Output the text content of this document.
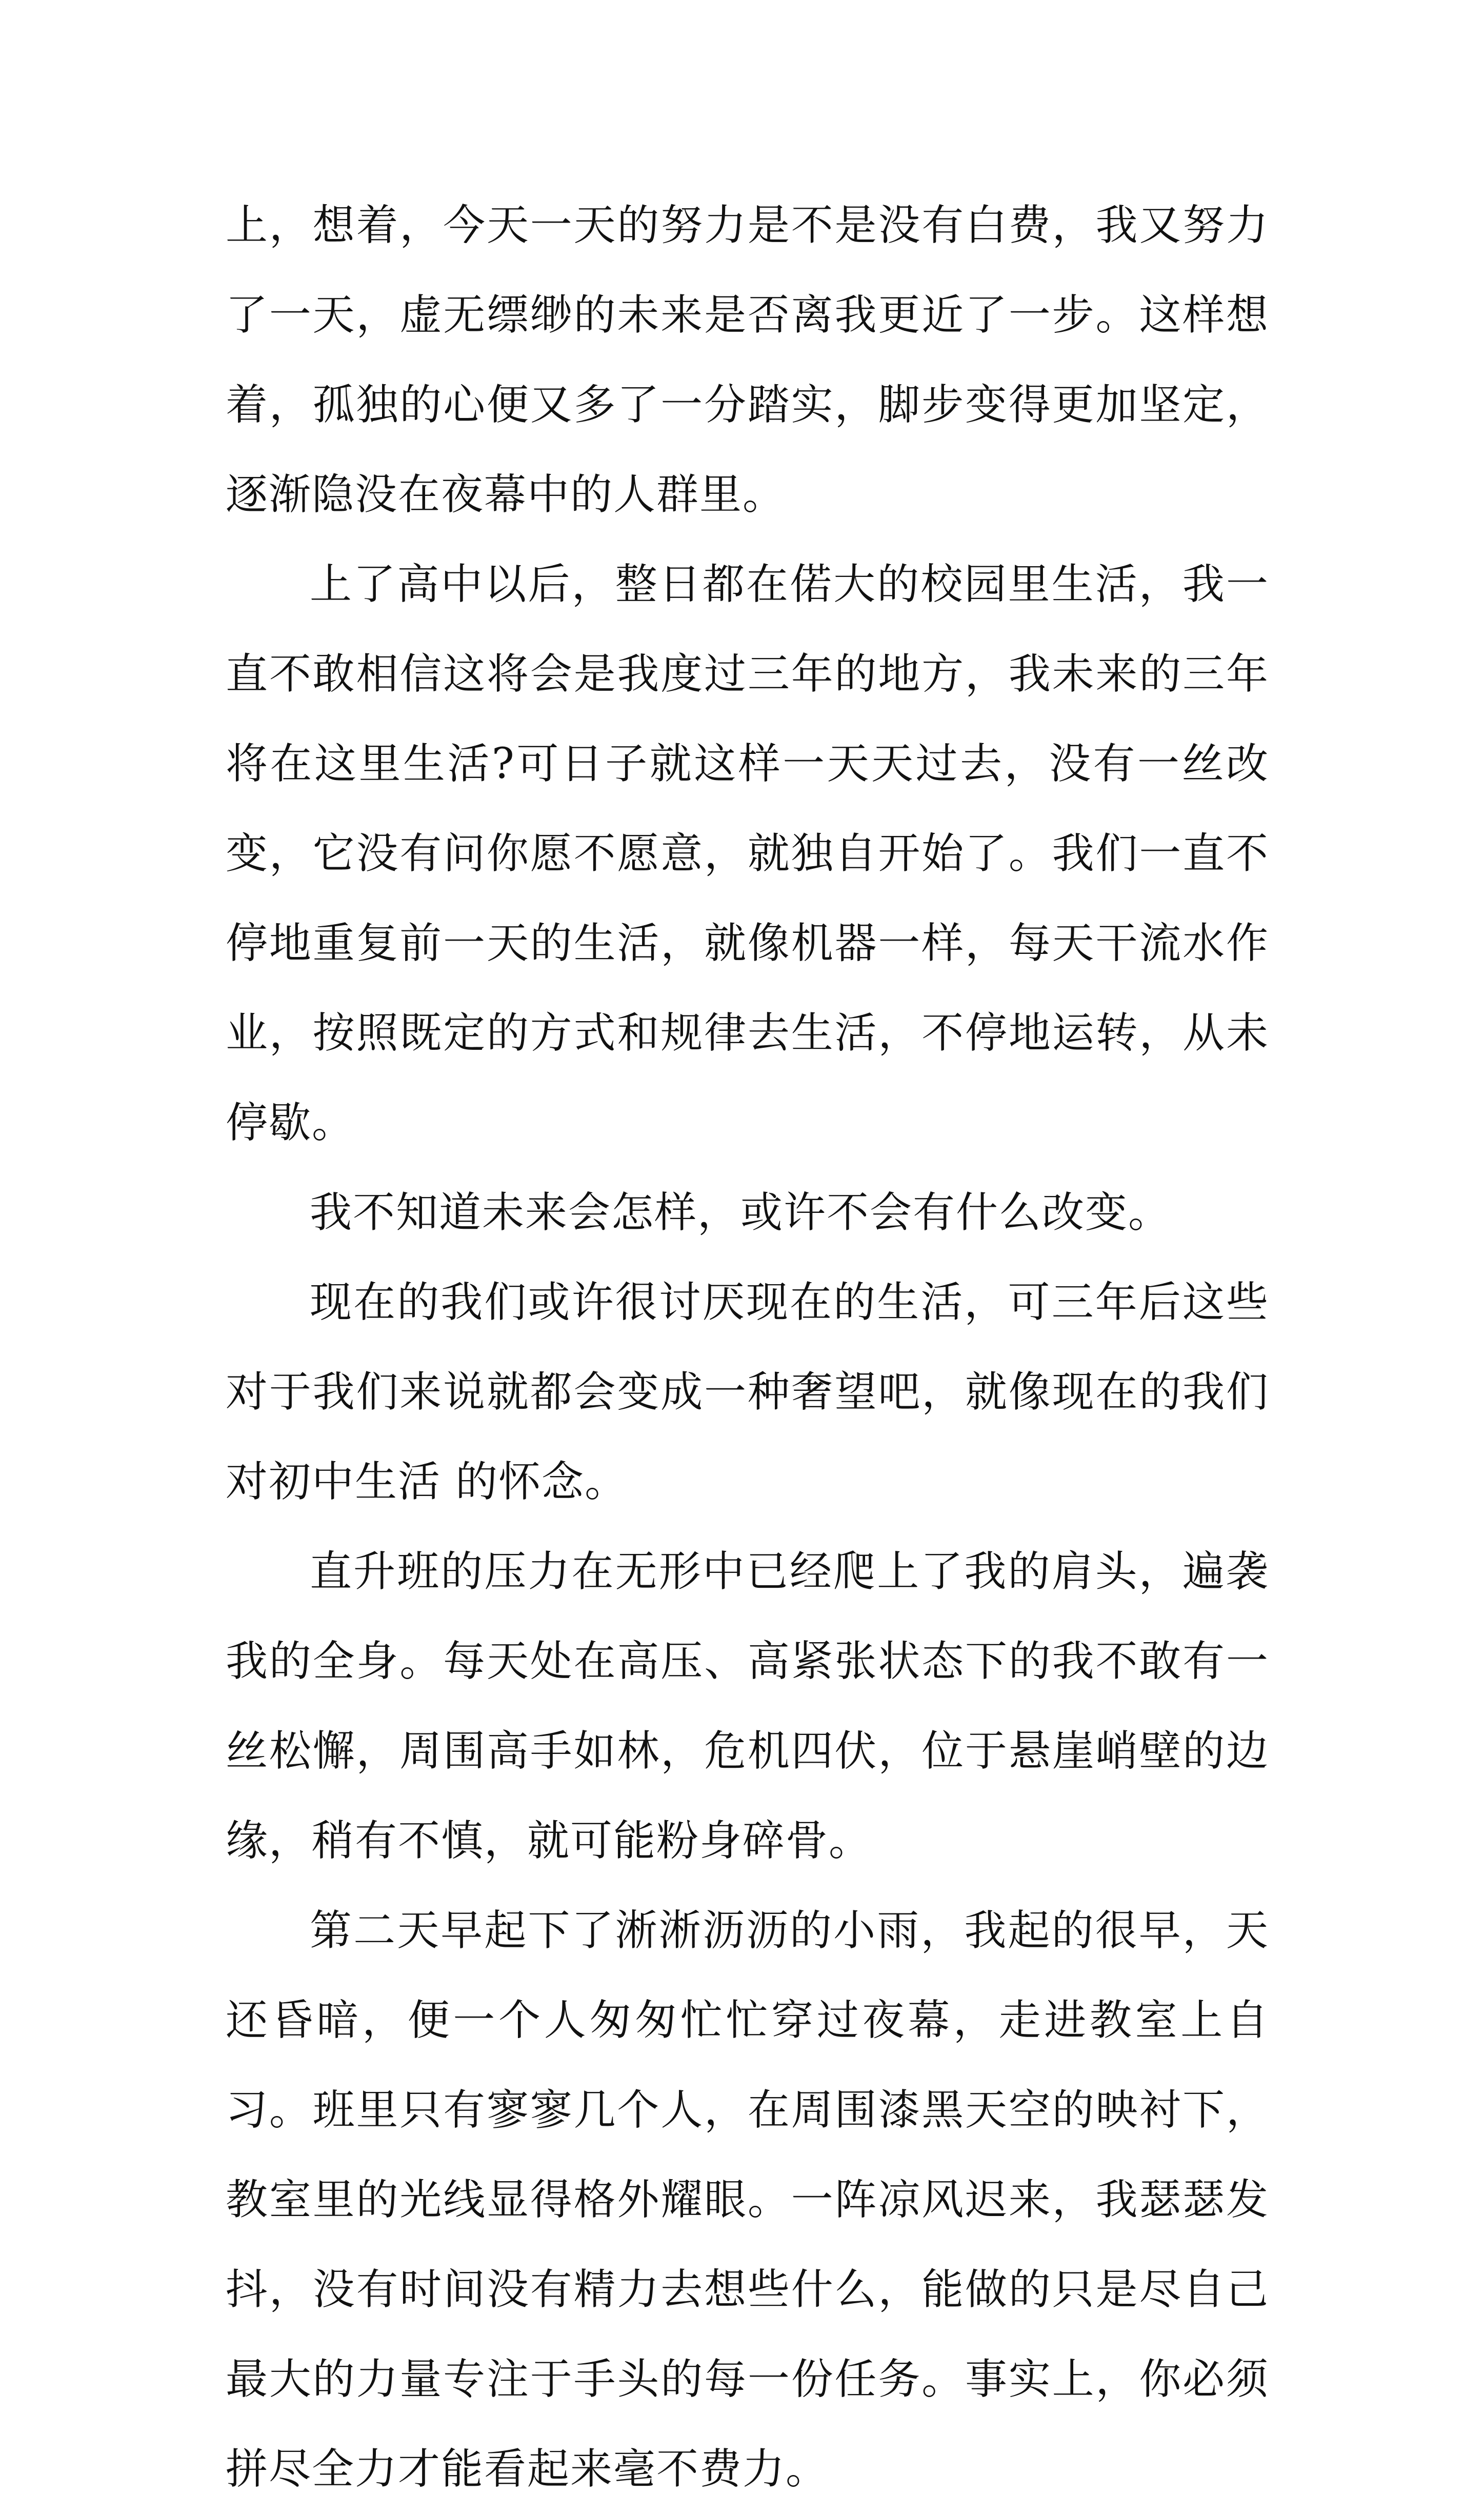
上，想着，今天一天的努力是不是没有白费，我又努力了一天，虚无缥缈的未来是否离我更近了一步。这样想着，孤独的心便又多了一分踏实，脚步变得更加坚定，逐渐隐没在夜幕中的人群里。

上了高中以后，整日都在偌大的校园里生活，我一直不敢相信这将会是我度过三年的地方，我未来的三年将在这里生活?可日子就这样一天天过去，没有一丝改变，它没有问你愿不愿意，就独自开始了。我们一直不停地重复前一天的生活，就像机器一样，每天干流水作业，按照既定的方式和规律去生活，不停地运转，从未停歇。

我不知道未来会怎样，或许不会有什么改变。

现在的我们或许很讨厌现在的生活，可三年后这些对于我们来说就都会变成一种奢望吧，就像现在的我们对初中生活 的怀念。

直升班的压力在无形中已经爬上了我的肩头，遍袭我的全身。每天处在高压、高紧张状态下的我不敢有一丝松懈，周围高手如林，危机四伏，位于悬崖峭壁的边缘，稍有不慎，就可能粉身碎骨。

第二天早起下了淅淅沥沥的小雨，我起的很早，天还昏暗，便一个人匆匆忙忙穿过夜幕，走进教室上自习。班里只有寥寥几个人，在周围漆黑天空的映衬下，教室里的光线显得格外耀眼。一阵凉风迟来，我瑟瑟发抖，没有时间没有精力去想些什么，能做的只是尽自己最大的力量专注于手头的每一份任务。事实上，你必须拼尽全力才能看起来毫不费力。
